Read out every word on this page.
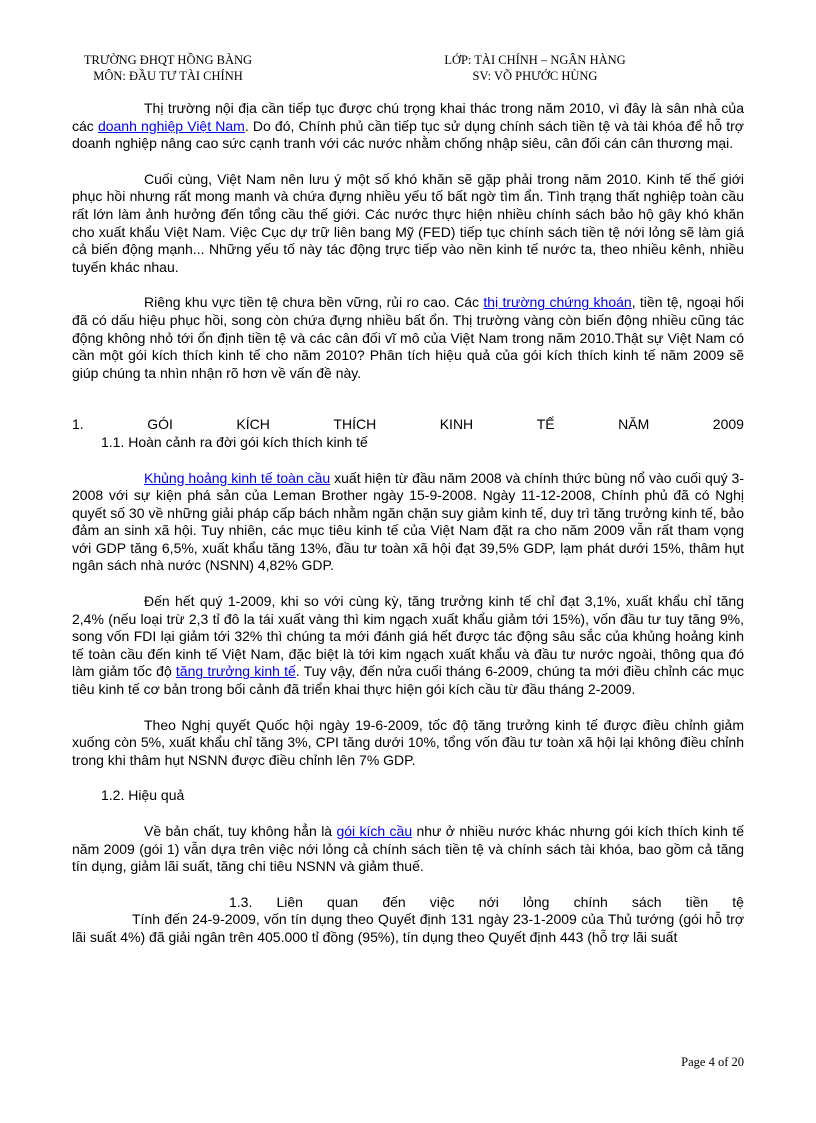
TRƯỜNG ĐHQT HỒNG BÀNG
MÔN: ĐẦU TƯ TÀI CHÍNH
LỚP: TÀI CHÍNH – NGÂN HÀNG
SV: VÕ PHƯỚC HÙNG

Thị trường nội địa cần tiếp tục được chú trọng khai thác trong năm 2010, vì đây là sân nhà của các doanh nghiệp Việt Nam. Do đó, Chính phủ cần tiếp tục sử dụng chính sách tiền tệ và tài khóa để hỗ trợ doanh nghiệp nâng cao sức cạnh tranh với các nước nhằm chống nhập siêu, cân đối cán cân thương mại.

Cuối cùng, Việt Nam nên lưu ý một số khó khăn sẽ gặp phải trong năm 2010. Kinh tế thế giới phục hồi nhưng rất mong manh và chứa đựng nhiều yếu tố bất ngờ tìm ẩn. Tình trạng thất nghiệp toàn cầu rất lớn làm ảnh hưởng đến tổng cầu thế giới. Các nước thực hiện nhiều chính sách bảo hộ gây khó khăn cho xuất khẩu Việt Nam. Việc Cục dự trữ liên bang Mỹ (FED) tiếp tục chính sách tiền tệ nới lỏng sẽ làm giá cả biến động mạnh... Những yếu tố này tác động trực tiếp vào nền kinh tế nước ta, theo nhiều kênh, nhiều tuyến khác nhau.

Riêng khu vực tiền tệ chưa bền vững, rủi ro cao. Các thị trường chứng khoán, tiền tệ, ngoại hối đã có dấu hiệu phục hồi, song còn chứa đựng nhiều bất ổn. Thị trường vàng còn biến động nhiều cũng tác động không nhỏ tới ổn định tiền tệ và các cân đối vĩ mô của Việt Nam trong năm 2010.Thật sự Việt Nam có cần một gói kích thích kinh tế cho năm 2010? Phân tích hiệu quả của gói kích thích kinh tế năm 2009 sẽ giúp chúng ta nhìn nhận rõ hơn về vấn đề này.

1.	GÓI	KÍCH	THÍCH	KINH	TẾ	NĂM	2009
1.1. Hoàn cảnh ra đời gói kích thích kinh tế

Khủng hoảng kinh tế toàn cầu xuất hiện từ đầu năm 2008 và chính thức bùng nổ vào cuối quý 3-2008 với sự kiện phá sản của Leman Brother ngày 15-9-2008. Ngày 11-12-2008, Chính phủ đã có Nghị quyết số 30 về những giải pháp cấp bách nhằm ngăn chặn suy giảm kinh tế, duy trì tăng trưởng kinh tế, bảo đảm an sinh xã hội. Tuy nhiên, các mục tiêu kinh tế của Việt Nam đặt ra cho năm 2009 vẫn rất tham vọng với GDP tăng 6,5%, xuất khẩu tăng 13%, đầu tư toàn xã hội đạt 39,5% GDP, lạm phát dưới 15%, thâm hụt ngân sách nhà nước (NSNN) 4,82% GDP.

Đến hết quý 1-2009, khi so với cùng kỳ, tăng trưởng kinh tế chỉ đạt 3,1%, xuất khẩu chỉ tăng 2,4% (nếu loại trừ 2,3 tỉ đô la tái xuất vàng thì kim ngạch xuất khẩu giảm tới 15%), vốn đầu tư tuy tăng 9%, song vốn FDI lại giảm tới 32% thì chúng ta mới đánh giá hết được tác động sâu sắc của khủng hoảng kinh tế toàn cầu đến kinh tế Việt Nam, đặc biệt là tới kim ngạch xuất khẩu và đầu tư nước ngoài, thông qua đó làm giảm tốc độ tăng trưởng kinh tế. Tuy vậy, đến nửa cuối tháng 6-2009, chúng ta mới điều chỉnh các mục tiêu kinh tế cơ bản trong bối cảnh đã triển khai thực hiện gói kích cầu từ đầu tháng 2-2009.

Theo Nghị quyết Quốc hội ngày 19-6-2009, tốc độ tăng trưởng kinh tế được điều chỉnh giảm xuống còn 5%, xuất khẩu chỉ tăng 3%, CPI tăng dưới 10%, tổng vốn đầu tư toàn xã hội lại không điều chỉnh trong khi thâm hụt NSNN được điều chỉnh lên 7% GDP.

1.2. Hiệu quả

Về bản chất, tuy không hẳn là gói kích cầu như ở nhiều nước khác nhưng gói kích thích kinh tế năm 2009 (gói 1) vẫn dựa trên việc nới lỏng cả chính sách tiền tệ và chính sách tài khóa, bao gồm cả tăng tín dụng, giảm lãi suất, tăng chi tiêu NSNN và giảm thuế.

1.3. Liên quan đến việc nới lỏng chính sách tiền tệ

Tính đến 24-9-2009, vốn tín dụng theo Quyết định 131 ngày 23-1-2009 của Thủ tướng (gói hỗ trợ lãi suất 4%) đã giải ngân trên 405.000 tỉ đồng (95%), tín dụng theo Quyết định 443 (hỗ trợ lãi suất

Page 4 of 20
